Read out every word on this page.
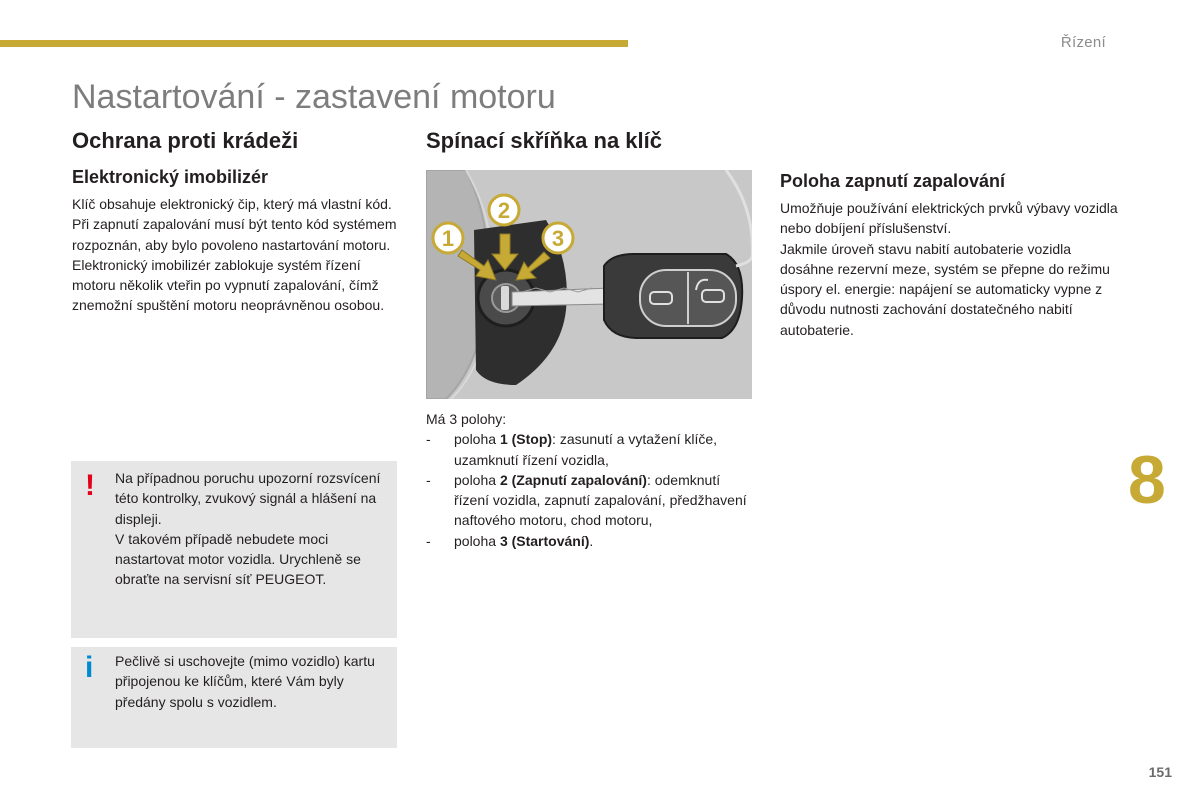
Řízení
Nastartování - zastavení motoru
Ochrana proti krádeži
Elektronický imobilizér

Klíč obsahuje elektronický čip, který má vlastní kód. Při zapnutí zapalování musí být tento kód systémem rozpoznán, aby bylo povoleno nastartování motoru.

Elektronický imobilizér zablokuje systém řízení motoru několik vteřin po vypnutí zapalování, čímž znemožní spuštění motoru neoprávněnou osobou.

! Na případnou poruchu upozorní rozsvícení této kontrolky, zvukový signál a hlášení na displeji.

V takovém případě nebudete moci nastartovat motor vozidla. Urychleně se obraťte na servisní síť PEUGEOT.

i Pečlivě si uschovejte (mimo vozidlo) kartu připojenou ke klíčům, které Vám byly předány spolu s vozidlem.

Spínací skříňka na klíč
1
2
3

Má 3 polohy:

- poloha 1 (Stop): zasunutí a vytažení klíče, uzamknutí řízení vozidla,
- poloha 2 (Zapnutí zapalování): odemknutí řízení vozidla, zapnutí zapalování, předžhavení naftového motoru, chod motoru,
- poloha 3 (Startování).
Poloha zapnutí zapalování

Umožňuje používání elektrických prvků výbavy vozidla nebo dobíjení příslušenství.

Jakmile úroveň stavu nabití autobaterie vozidla dosáhne rezervní meze, systém se přepne do režimu úspory el. energie: napájení se automaticky vypne z důvodu nutnosti zachování dostatečného nabití autobaterie.

8
151
